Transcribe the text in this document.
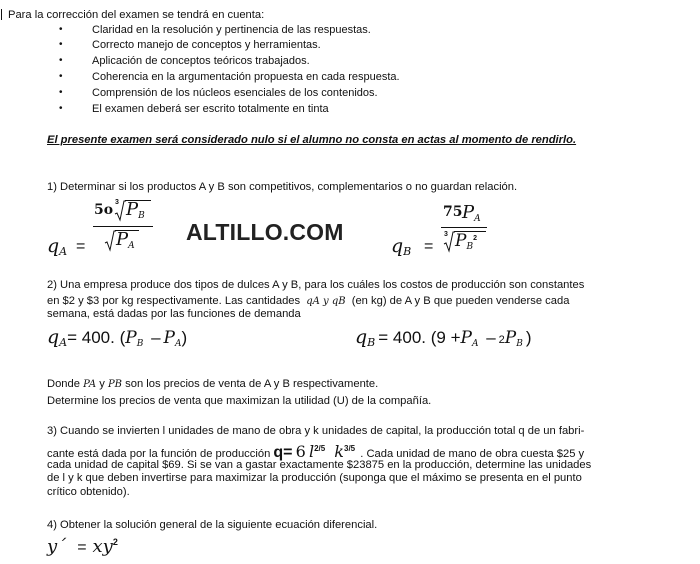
Para la corrección del examen se tendrá en cuenta:
•	Claridad en la resolución y pertinencia de las respuestas.
•	Correcto manejo de conceptos y herramientas.
•	Aplicación de conceptos teóricos trabajados.
•	Coherencia en la argumentación propuesta en cada respuesta.
•	Comprensión de los núcleos esenciales de los contenidos.
•	El examen deberá ser escrito totalmente en tinta
El presente examen será considerado nulo si el alumno no consta en actas al momento de rendirlo.
1) Determinar si los productos A y B son competitivos, complementarios o no guardan relación.
$q_A$ =
5o 3 $P_B$
$P_A$
ALTILLO.COM
$q_B$ =
75 $P_A$
3 $P_B^2$
2) Una empresa produce dos tipos de dulces A y B, para los cuáles los costos de producción son constantes
en $2 y $3 por kg respectivamente. Las cantidades qA y qB (en kg) de A y B que pueden venderse cada
semana, está dadas por las funciones de demanda
$q_A= 400$. $(P_B - P_A)$	$q_B = 400$. ($9 +P_A - 2P_B$ )
Donde PA y PB son los precios de venta de A y B respectivamente.
Determine los precios de venta que maximizan la utilidad (U) de la compañía.
3) Cuando se invierten l unidades de mano de obra y k unidades de capital, la producción total q de un fabri-
cante está dada por la función de producción q= 6 $l^{2/5}$ $k^{3/5}$ . Cada unidad de mano de obra cuesta $25 y
cada unidad de capital $69. Si se van a gastar exactamente $23875 en la producción, determine las unidades
de l y k que deben invertirse para maximizar la producción (suponga que el máximo se presenta en el punto
crítico obtenido).
4) Obtener la solución general de la siguiente ecuación diferencial.
y´ = $xy^2$
